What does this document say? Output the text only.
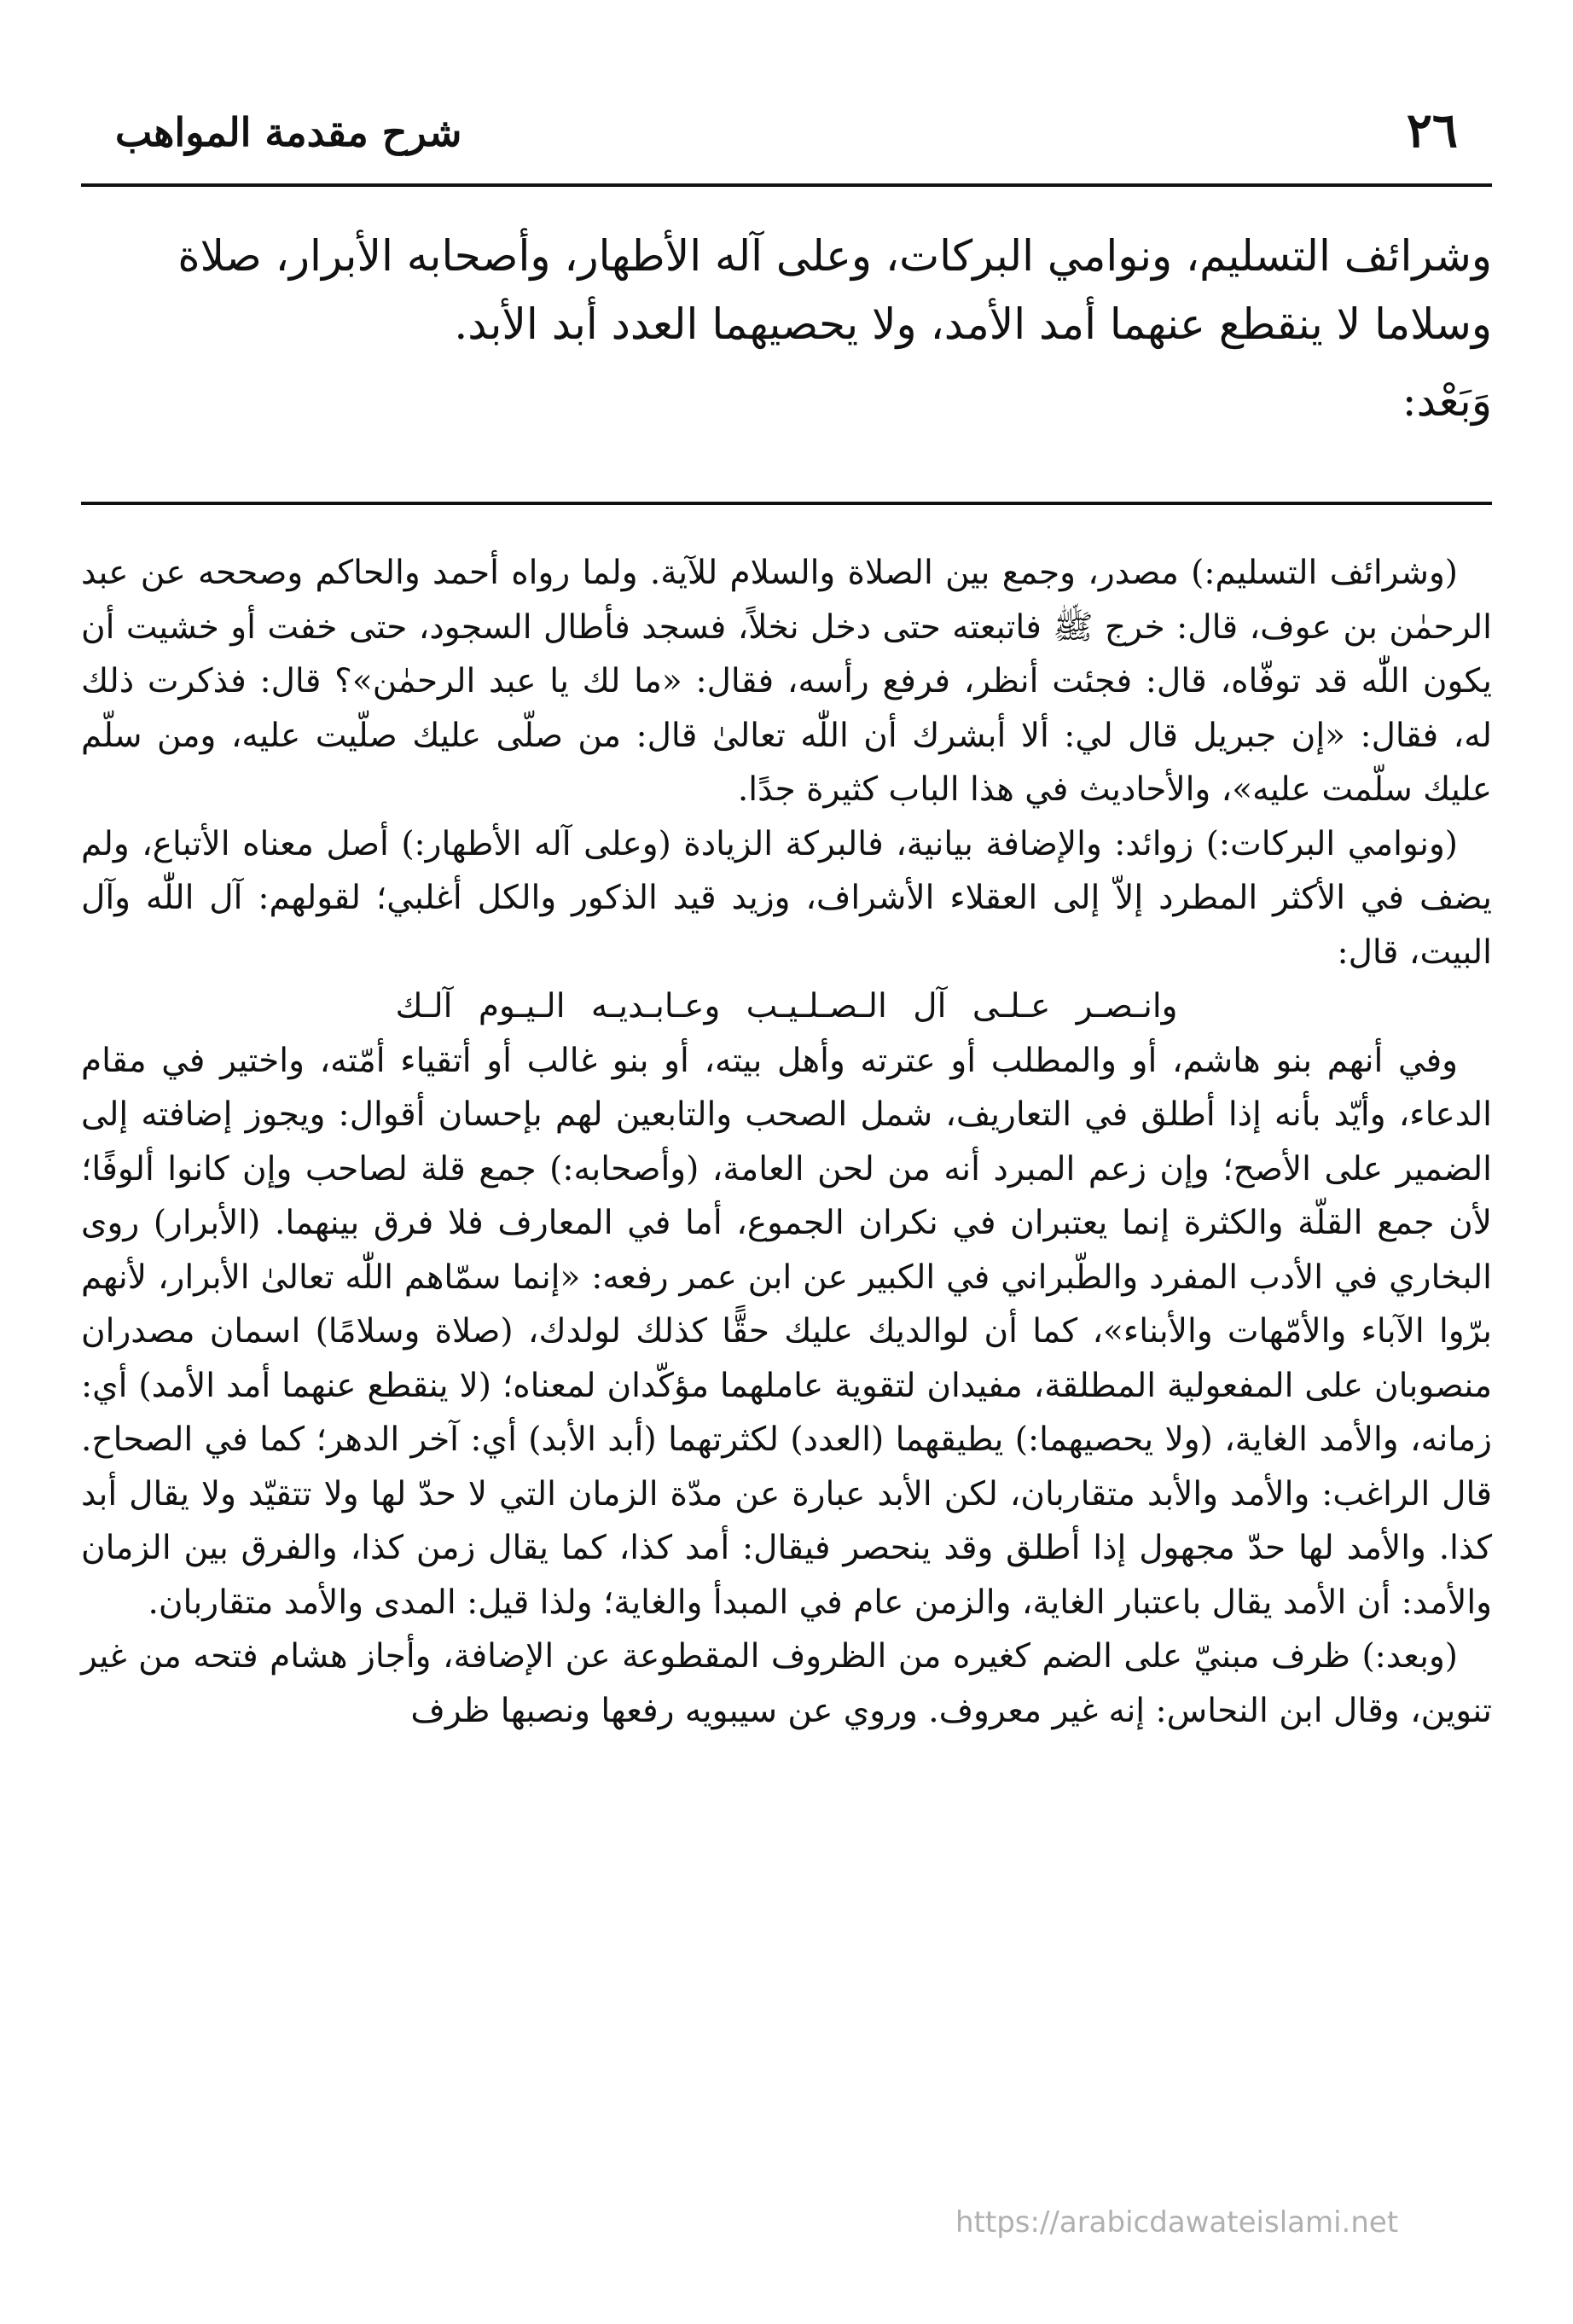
٢٦
شرح مقدمة المواهب

وشرائف التسليم، ونوامي البركات، وعلى آله الأطهار، وأصحابه الأبرار، صلاة

وسلاما لا ينقطع عنهما أمد الأمد، ولا يحصيهما العدد أبد الأبد.

وَبَعْد:

(وشرائف التسليم:) مصدر، وجمع بين الصلاة والسلام للآية. ولما رواه أحمد والحاكم وصححه عن عبد الرحمٰن بن عوف، قال: خرج ﷺ فاتبعته حتى دخل نخلاً، فسجد فأطال السجود، حتى خفت أو خشيت أن يكون اللّٰه قد توفّاه، قال: فجئت أنظر، فرفع رأسه، فقال: «ما لك يا عبد الرحمٰن»؟ قال: فذكرت ذلك له، فقال: «إن جبريل قال لي: ألا أبشرك أن اللّٰه تعالىٰ قال: من صلّى عليك صلّيت عليه، ومن سلّم عليك سلّمت عليه»، والأحاديث في هذا الباب كثيرة جدًا.

(ونوامي البركات:) زوائد: والإضافة بيانية، فالبركة الزيادة (وعلى آله الأطهار:) أصل معناه الأتباع، ولم يضف في الأكثر المطرد إلاّ إلى العقلاء الأشراف، وزيد قيد الذكور والكل أغلبي؛ لقولهم: آل اللّٰه وآل البيت، قال:

وانـصـر عـلـى آل الـصـلـيـب وعـابـديـه الـيـوم آلـك

وفي أنهم بنو هاشم، أو والمطلب أو عترته وأهل بيته، أو بنو غالب أو أتقياء أمّته، واختير في مقام الدعاء، وأيّد بأنه إذا أطلق في التعاريف، شمل الصحب والتابعين لهم بإحسان أقوال: ويجوز إضافته إلى الضمير على الأصح؛ وإن زعم المبرد أنه من لحن العامة، (وأصحابه:) جمع قلة لصاحب وإن كانوا ألوفًا؛ لأن جمع القلّة والكثرة إنما يعتبران في نكران الجموع، أما في المعارف فلا فرق بينهما. (الأبرار) روى البخاري في الأدب المفرد والطّبراني في الكبير عن ابن عمر رفعه: «إنما سمّاهم اللّٰه تعالىٰ الأبرار، لأنهم برّوا الآباء والأمّهات والأبناء»، كما أن لوالديك عليك حقًّا كذلك لولدك، (صلاة وسلامًا) اسمان مصدران منصوبان على المفعولية المطلقة، مفيدان لتقوية عاملهما مؤكّدان لمعناه؛ (لا ينقطع عنهما أمد الأمد) أي: زمانه، والأمد الغاية، (ولا يحصيهما:) يطيقهما (العدد) لكثرتهما (أبد الأبد) أي: آخر الدهر؛ كما في الصحاح. قال الراغب: والأمد والأبد متقاربان، لكن الأبد عبارة عن مدّة الزمان التي لا حدّ لها ولا تتقيّد ولا يقال أبد كذا. والأمد لها حدّ مجهول إذا أطلق وقد ينحصر فيقال: أمد كذا، كما يقال زمن كذا، والفرق بين الزمان والأمد: أن الأمد يقال باعتبار الغاية، والزمن عام في المبدأ والغاية؛ ولذا قيل: المدى والأمد متقاربان.

(وبعد:) ظرف مبنيّ على الضم كغيره من الظروف المقطوعة عن الإضافة، وأجاز هشام فتحه من غير تنوين، وقال ابن النحاس: إنه غير معروف. وروي عن سيبويه رفعها ونصبها ظرف

https://arabicdawateislami.net
